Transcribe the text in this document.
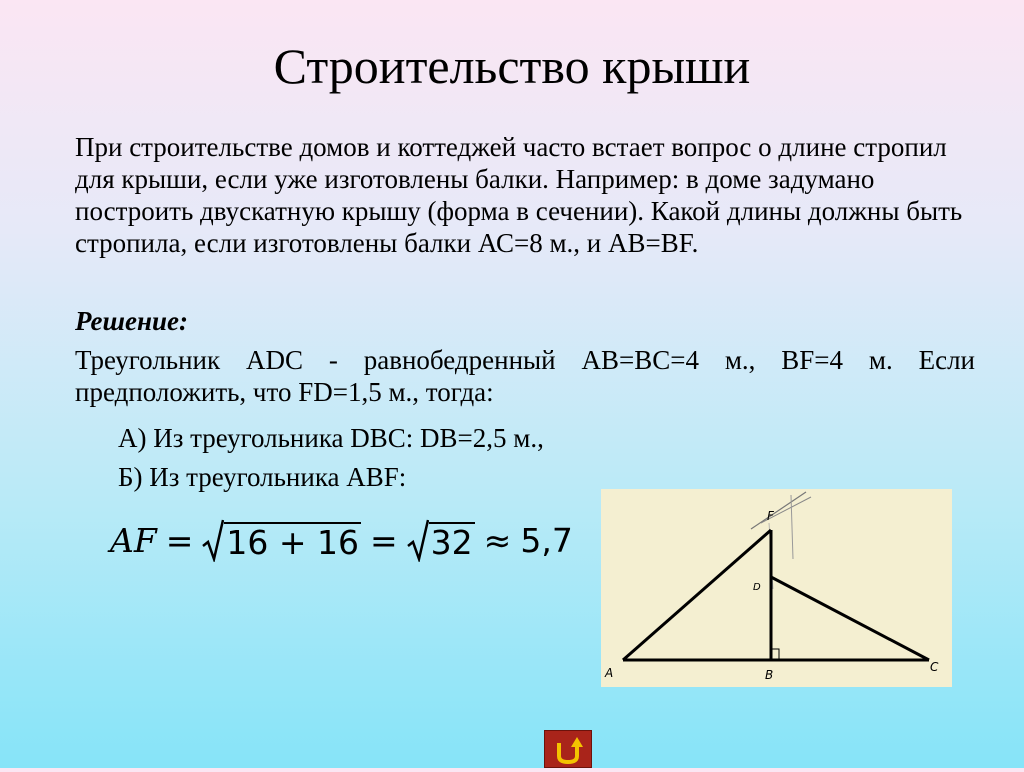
Строительство крыши

При строительстве домов и коттеджей часто встает вопрос о длине стропил для крыши, если уже изготовлены балки. Например: в доме задумано построить двускатную крышу (форма в сечении). Какой длины должны быть стропила, если изготовлены балки АС=8 м., и АВ=BF.

Решение:

Треугольник ADC - равнобедренный AB=BC=4 м., BF=4 м. Если предположить, что FD=1,5 м., тогда:

А) Из треугольника DBC: DB=2,5 м.,

Б) Из треугольника ABF:

AF = 16 + 16 = 32 ≈ 5,7
F
D
A	B
C
